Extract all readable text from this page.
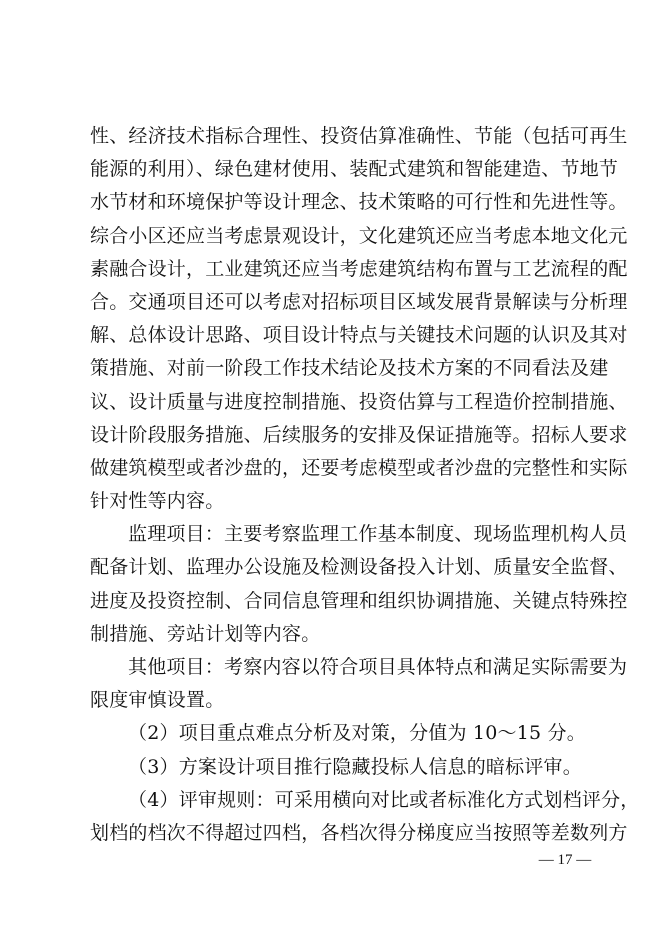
性、经济技术指标合理性、投资估算准确性、节能（包括可再生
能源的利用）、绿色建材使用、装配式建筑和智能建造、节地节
水节材和环境保护等设计理念、技术策略的可行性和先进性等。
综合小区还应当考虑景观设计，文化建筑还应当考虑本地文化元
素融合设计，工业建筑还应当考虑建筑结构布置与工艺流程的配
合。交通项目还可以考虑对招标项目区域发展背景解读与分析理
解、总体设计思路、项目设计特点与关键技术问题的认识及其对
策措施、对前一阶段工作技术结论及技术方案的不同看法及建
议、设计质量与进度控制措施、投资估算与工程造价控制措施、
设计阶段服务措施、后续服务的安排及保证措施等。招标人要求
做建筑模型或者沙盘的，还要考虑模型或者沙盘的完整性和实际
针对性等内容。
监理项目：主要考察监理工作基本制度、现场监理机构人员
配备计划、监理办公设施及检测设备投入计划、质量安全监督、
进度及投资控制、合同信息管理和组织协调措施、关键点特殊控
制措施、旁站计划等内容。
其他项目：考察内容以符合项目具体特点和满足实际需要为
限度审慎设置。
（2）项目重点难点分析及对策，分值为 10～15 分。
（3）方案设计项目推行隐藏投标人信息的暗标评审。
（4）评审规则：可采用横向对比或者标准化方式划档评分，
划档的档次不得超过四档，各档次得分梯度应当按照等差数列方
— 17 —
